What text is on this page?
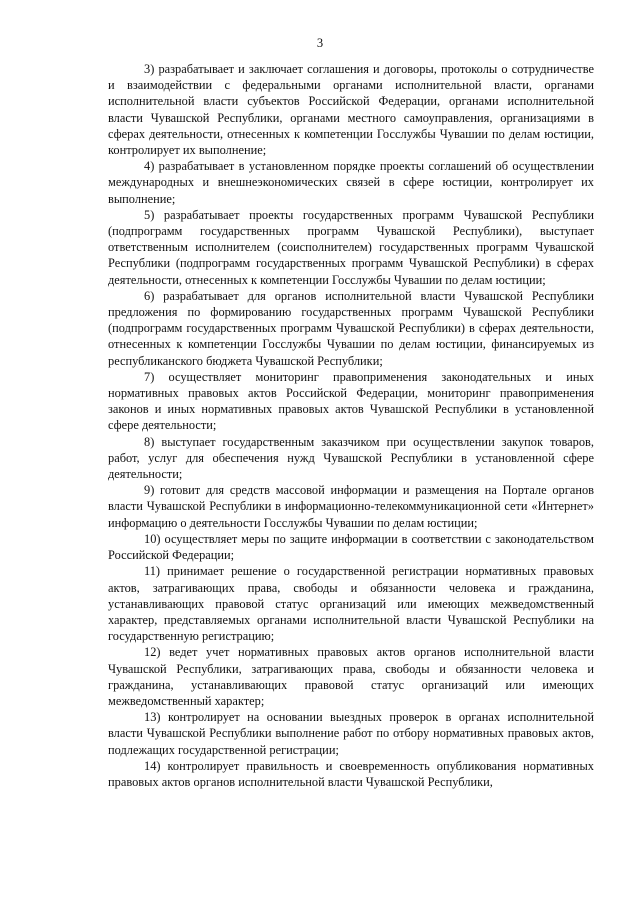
3

3) разрабатывает и заключает соглашения и договоры, протоколы о сотрудничестве и взаимодействии с федеральными органами исполнительной власти, органами исполнительной власти субъектов Российской Федерации, органами исполнительной власти Чувашской Республики, органами местного самоуправления, организациями в сферах деятельности, отнесенных к компетенции Госслужбы Чувашии по делам юстиции, контролирует их выполнение;

4) разрабатывает в установленном порядке проекты соглашений об осуществлении международных и внешнеэкономических связей в сфере юстиции, контролирует их выполнение;

5) разрабатывает проекты государственных программ Чувашской Республики (подпрограмм государственных программ Чувашской Республики), выступает ответственным исполнителем (соисполнителем) государственных программ Чувашской Республики (подпрограмм государственных программ Чувашской Республики) в сферах деятельности, отнесенных к компетенции Госслужбы Чувашии по делам юстиции;

6) разрабатывает для органов исполнительной власти Чувашской Республики предложения по формированию государственных программ Чувашской Республики (подпрограмм государственных программ Чувашской Республики) в сферах деятельности, отнесенных к компетенции Госслужбы Чувашии по делам юстиции, финансируемых из республиканского бюджета Чувашской Республики;

7) осуществляет мониторинг правоприменения законодательных и иных нормативных правовых актов Российской Федерации, мониторинг правоприменения законов и иных нормативных правовых актов Чувашской Республики в установленной сфере деятельности;

8) выступает государственным заказчиком при осуществлении закупок товаров, работ, услуг для обеспечения нужд Чувашской Республики в установленной сфере деятельности;

9) готовит для средств массовой информации и размещения на Портале органов власти Чувашской Республики в информационно-телекоммуникационной сети «Интернет» информацию о деятельности Госслужбы Чувашии по делам юстиции;

10) осуществляет меры по защите информации в соответствии с законодательством Российской Федерации;

11) принимает решение о государственной регистрации нормативных правовых актов, затрагивающих права, свободы и обязанности человека и гражданина, устанавливающих правовой статус организаций или имеющих межведомственный характер, представляемых органами исполнительной власти Чувашской Республики на государственную регистрацию;

12) ведет учет нормативных правовых актов органов исполнительной власти Чувашской Республики, затрагивающих права, свободы и обязанности человека и гражданина, устанавливающих правовой статус организаций или имеющих межведомственный характер;

13) контролирует на основании выездных проверок в органах исполнительной власти Чувашской Республики выполнение работ по отбору нормативных правовых актов, подлежащих государственной регистрации;

14) контролирует правильность и своевременность опубликования нормативных правовых актов органов исполнительной власти Чувашской Республики,
